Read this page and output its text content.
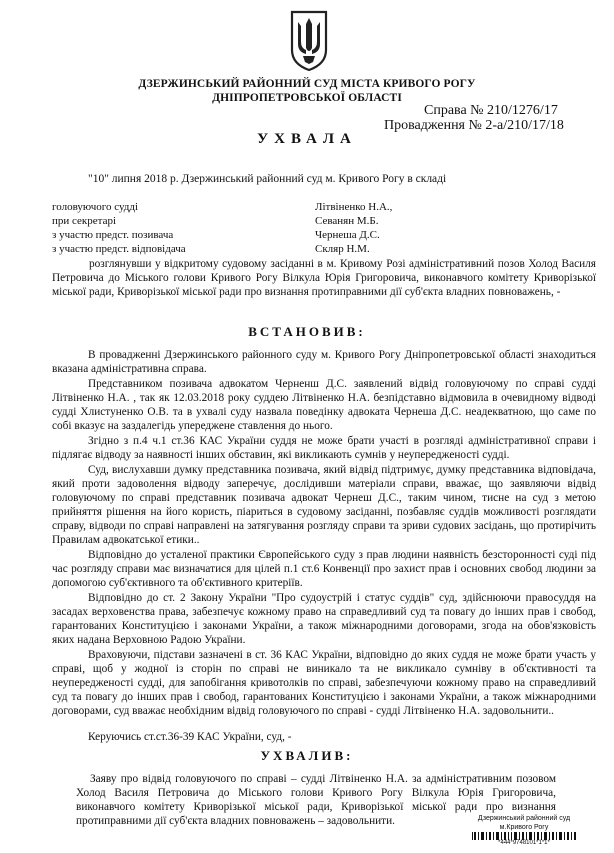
ДЗЕРЖИНСЬКИЙ РАЙОННИЙ СУД МІСТА КРИВОГО РОГУ
ДНІПРОПЕТРОВСЬКОЇ ОБЛАСТІ
Справа № 210/1276/17
Провадження № 2-а/210/17/18
УХВАЛА
"10" липня 2018 р. Дзержинський районний суд м. Кривого Рогу в складі
головуючого судді	Літвіненко Н.А.,
при секретарі	Севанян М.Б.
з участю предст. позивача	Чернеша Д.С.
з участю предст. відповідача	Скляр Н.М.

розглянувши у відкритому судовому засіданні в м. Кривому Розі адміністративний позов Холод Василя Петровича до Міського голови Кривого Рогу Вілкула Юрія Григоровича, виконавчого комітету Криворізької міської ради, Криворізької міської ради про визнання протиправними дії суб'єкта владних повноважень, -

ВСТАНОВИВ:

В провадженні Дзержинського районного суду м. Кривого Рогу Дніпропетровської області знаходиться вказана адміністративна справа.

Представником позивача адвокатом Черненш Д.С. заявлений відвід головуючому по справі судді Літвіненко Н.А. , так як 12.03.2018 року суддею Літвіненко Н.А. безпідставно відмовила в очевидному відводі судді Хлистуненко О.В. та в ухвалі суду назвала поведінку адвоката Чернеша Д.С. неадекватною, що саме по собі вказує на заздалегідь упереджене ставлення до нього.

Згідно з п.4 ч.1 ст.36 КАС України суддя не може брати участі в розгляді адміністративної справи і підлягає відводу за наявності інших обставин, які викликають сумнів у неупередженості судді.

Суд, вислухавши думку представника позивача, який відвід підтримує, думку представника відповідача, який проти задоволення відводу заперечує, дослідивши матеріали справи, вважає, що заявляючи відвід головуючому по справі представник позивача адвокат Чернеш Д.С., таким чином, тисне на суд з метою прийняття рішення на його користь, піариться в судовому засіданні, позбавляє суддів можливості розглядати справу, відводи по справі направлені на затягування розгляду справи та зриви судових засідань, що протирічить Правилам адвокатської етики..

Відповідно до усталеної практики Європейського суду з прав людини наявність безсторонності суді під час розгляду справи має визначатися для цілей п.1 ст.6 Конвенції про захист прав і основних свобод людини за допомогою суб'єктивного та об'єктивного критеріїв.

Відповідно до ст. 2 Закону України "Про судоустрій і статус суддів" суд, здійснюючи правосуддя на засадах верховенства права, забезпечує кожному право на справедливий суд та повагу до інших прав і свобод, гарантованих Конституцією і законами України, а також міжнародними договорами, згода на обов'язковість яких надана Верховною Радою України.

Враховуючи, підстави зазначені в ст. 36 КАС України, відповідно до яких суддя не може брати участь у справі, щоб у жодної із сторін по справі не виникало та не викликало сумніву в об'єктивності та неупередженості судді, для запобігання кривотолків по справі, забезпечуючи кожному право на справедливий суд та повагу до інших прав і свобод, гарантованих Конституцією і законами України, а також міжнародними договорами, суд вважає необхідним відвід головуючого по справі - судді Літвіненко Н.А. задовольнити..

Керуючись ст.ст.36-39 КАС України, суд, -

УХВАЛИВ:

Заяву про відвід головуючого по справі – судді Літвіненко Н.А. за адміністративним позовом Холод Василя Петровича до Міського голови Кривого Рогу Вілкула Юрія Григоровича, виконавчого комітету Криворізької міської ради, Криворізької міської ради про визнання протиправними дії суб'єкта владних повноважень – задовольнити.	Дзержинський районний суд
м.Кривого Рогу
*444*9748101*1*1*
